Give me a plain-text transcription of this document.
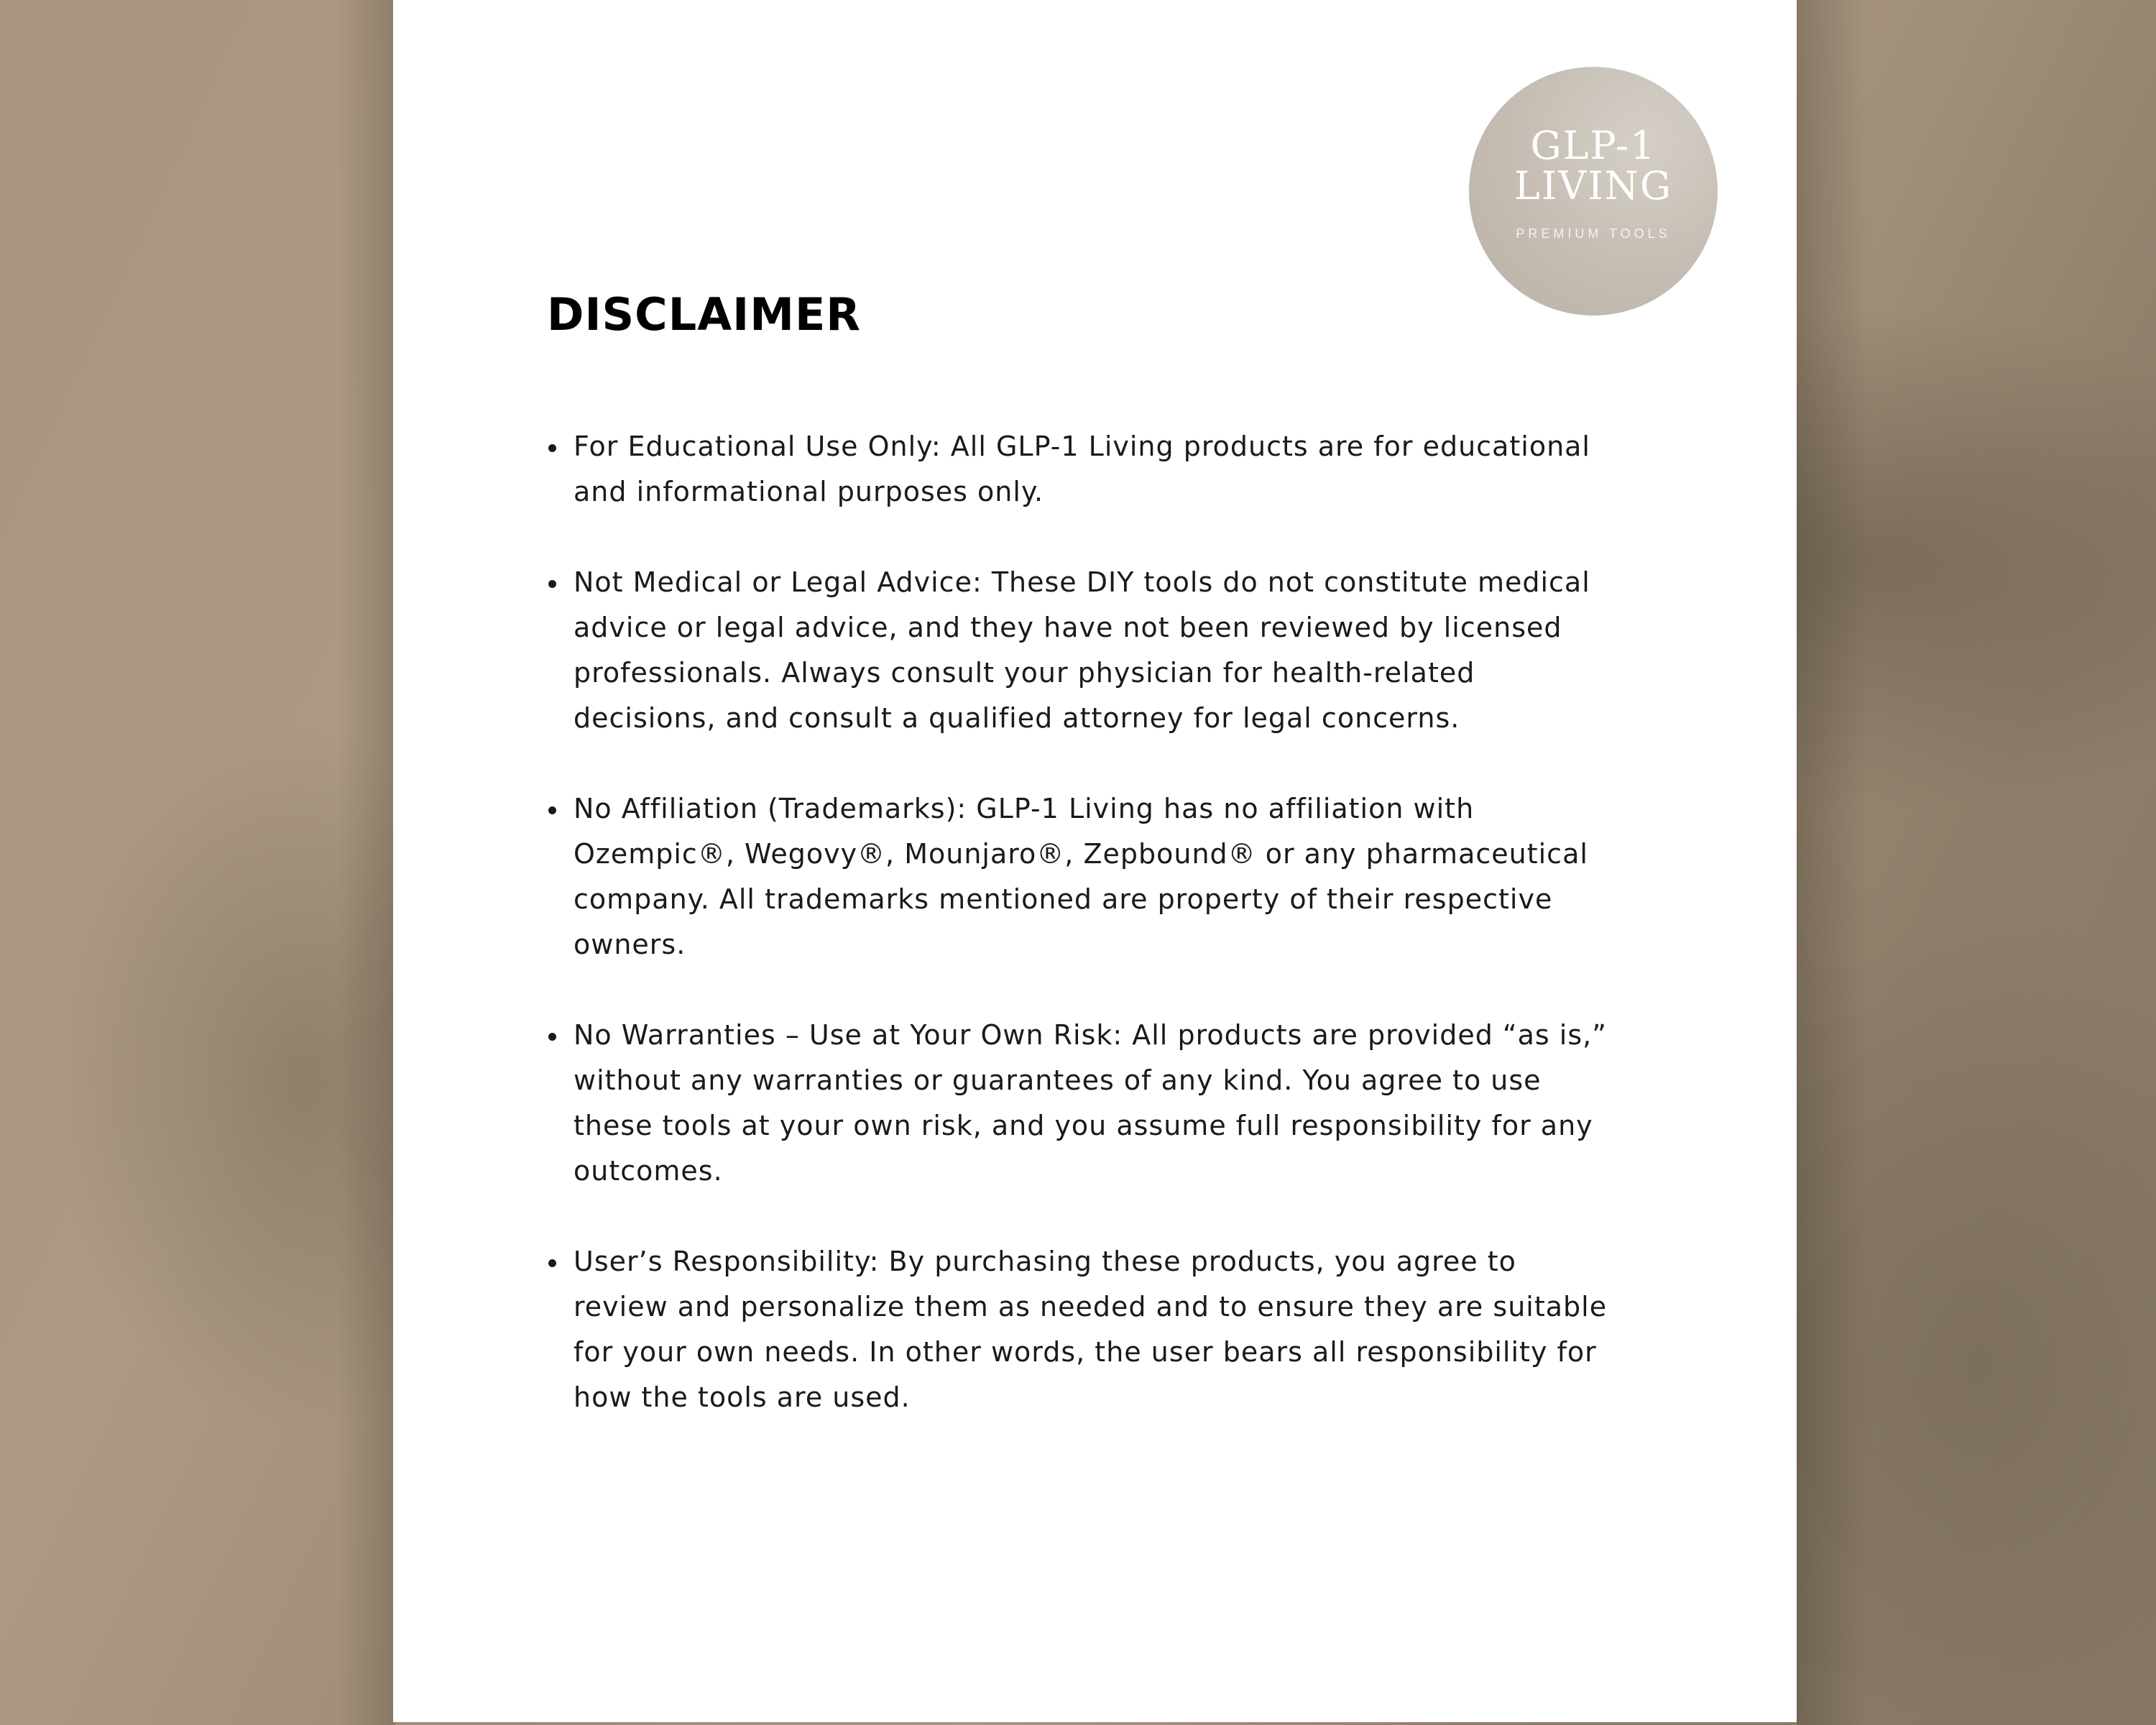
GLP-1
LIVING
PREMIUM TOOLS
DISCLAIMER
For Educational Use Only: All GLP-1 Living products are for educational and informational purposes only.
Not Medical or Legal Advice: These DIY tools do not constitute medical advice or legal advice, and they have not been reviewed by licensed professionals. Always consult your physician for health-related decisions, and consult a qualified attorney for legal concerns.
No Affiliation (Trademarks): GLP-1 Living has no affiliation with Ozempic®, Wegovy®, Mounjaro®, Zepbound® or any pharmaceutical company. All trademarks mentioned are property of their respective owners.
No Warranties – Use at Your Own Risk: All products are provided “as is,” without any warranties or guarantees of any kind. You agree to use these tools at your own risk, and you assume full responsibility for any outcomes.
User’s Responsibility: By purchasing these products, you agree to review and personalize them as needed and to ensure they are suitable for your own needs. In other words, the user bears all responsibility for how the tools are used.
